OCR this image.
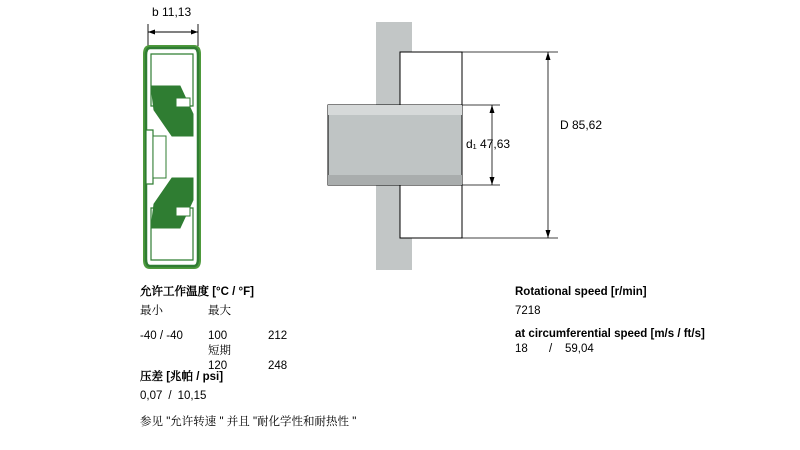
b 11,13
D 85,62
d₁ 47,63
允许工作温度 [°C / °F]
最小	最大
-40 / -40	100	212

短期

120	248
压差 [兆帕 / psi]
0,07 / 10,15
参见 "允许转速 " 并且 "耐化学性和耐热性 "
Rotational speed [r/min]
7218
at circumferential speed [m/s / ft/s]
18	/	59,04
